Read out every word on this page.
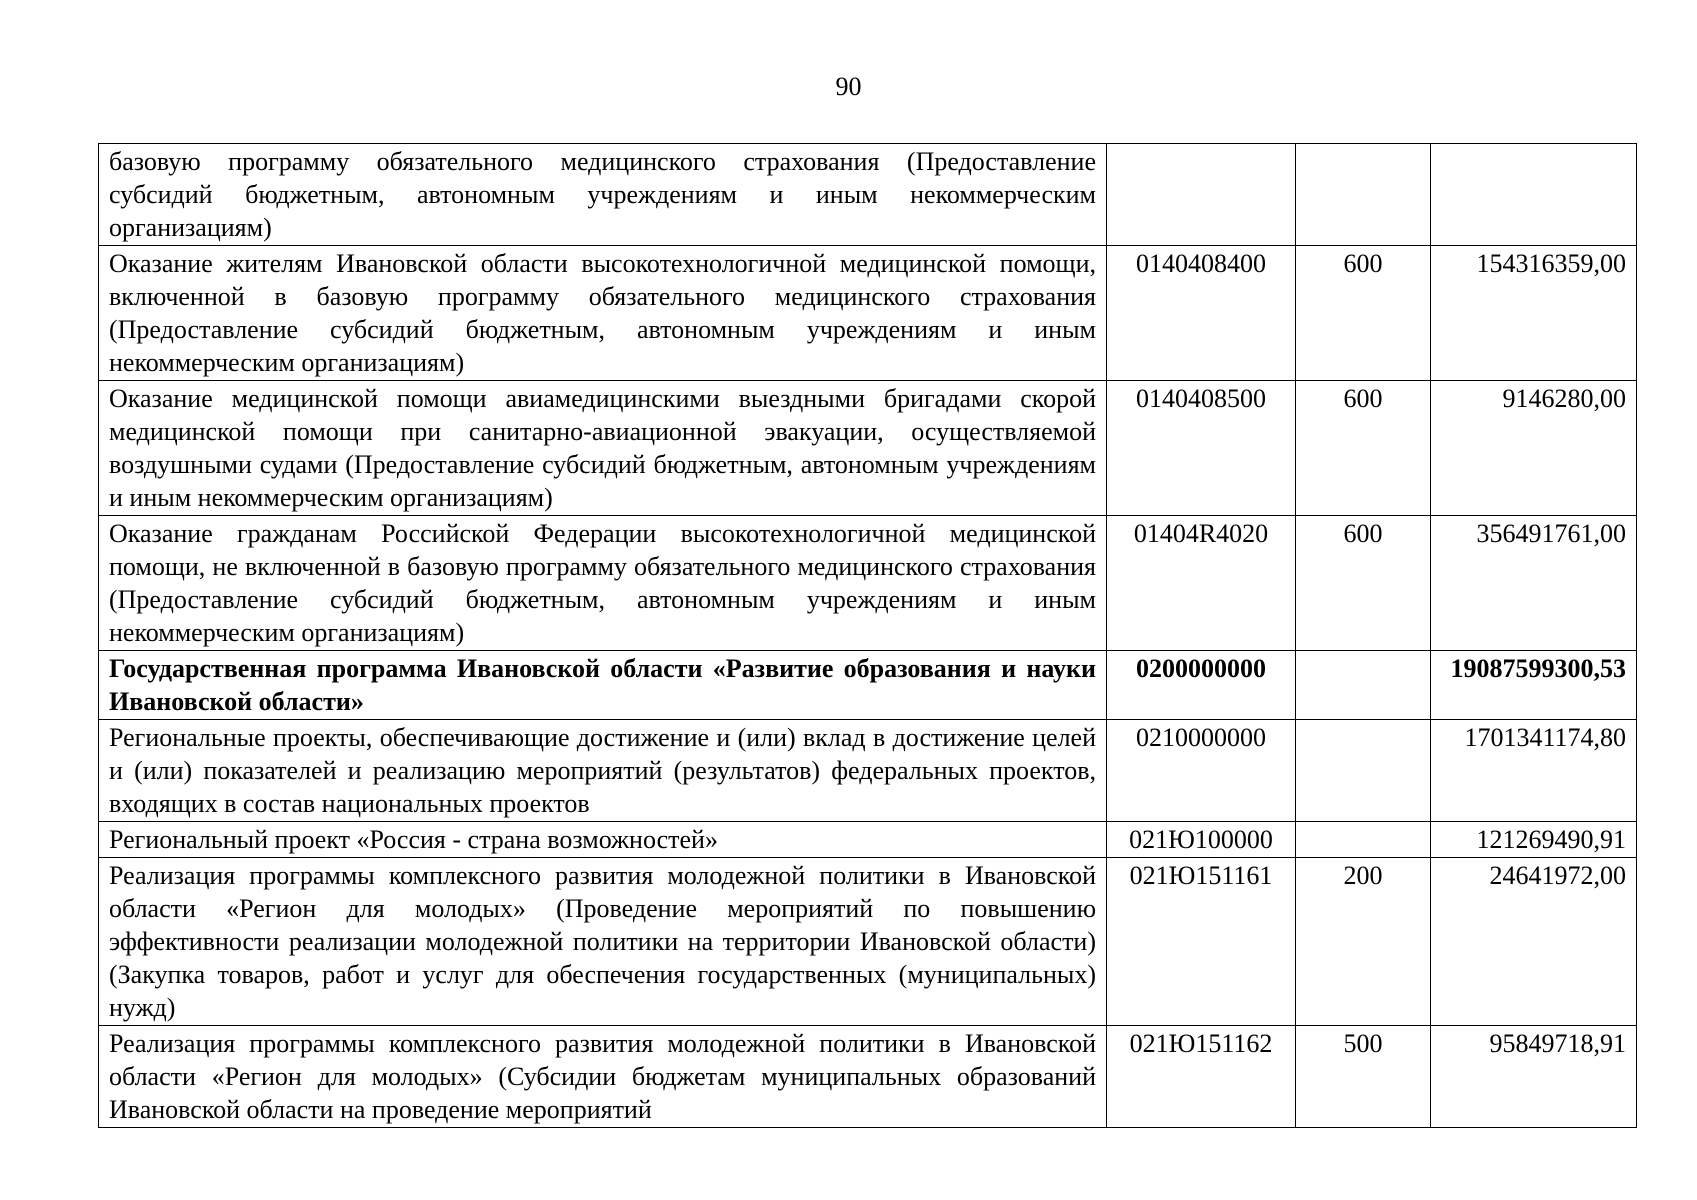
90
базовую программу обязательного медицинского страхования (Предоставление субсидий бюджетным, автономным учреждениям и иным некоммерческим организациям)			
Оказание жителям Ивановской области высокотехнологичной медицинской помощи, включенной в базовую программу обязательного медицинского страхования (Предоставление субсидий бюджетным, автономным учреждениям и иным некоммерческим организациям)	0140408400	600	154316359,00
Оказание медицинской помощи авиамедицинскими выездными бригадами скорой медицинской помощи при санитарно-авиационной эвакуации, осуществляемой воздушными судами (Предоставление субсидий бюджетным, автономным учреждениям и иным некоммерческим организациям)	0140408500	600	9146280,00
Оказание гражданам Российской Федерации высокотехнологичной медицинской помощи, не включенной в базовую программу обязательного медицинского страхования (Предоставление субсидий бюджетным, автономным учреждениям и иным некоммерческим организациям)	01404R4020	600	356491761,00
Государственная программа Ивановской области «Развитие образования и науки Ивановской области»	0200000000		19087599300,53
Региональные проекты, обеспечивающие достижение и (или) вклад в достижение целей и (или) показателей и реализацию мероприятий (результатов) федеральных проектов, входящих в состав национальных проектов	0210000000		1701341174,80
Региональный проект «Россия - страна возможностей»	021Ю100000		121269490,91
Реализация программы комплексного развития молодежной политики в Ивановской области «Регион для молодых» (Проведение мероприятий по повышению эффективности реализации молодежной политики на территории Ивановской области) (Закупка товаров, работ и услуг для обеспечения государственных (муниципальных) нужд)	021Ю151161	200	24641972,00
Реализация программы комплексного развития молодежной политики в Ивановской области «Регион для молодых» (Субсидии бюджетам муниципальных образований Ивановской области на проведение мероприятий	021Ю151162	500	95849718,91
